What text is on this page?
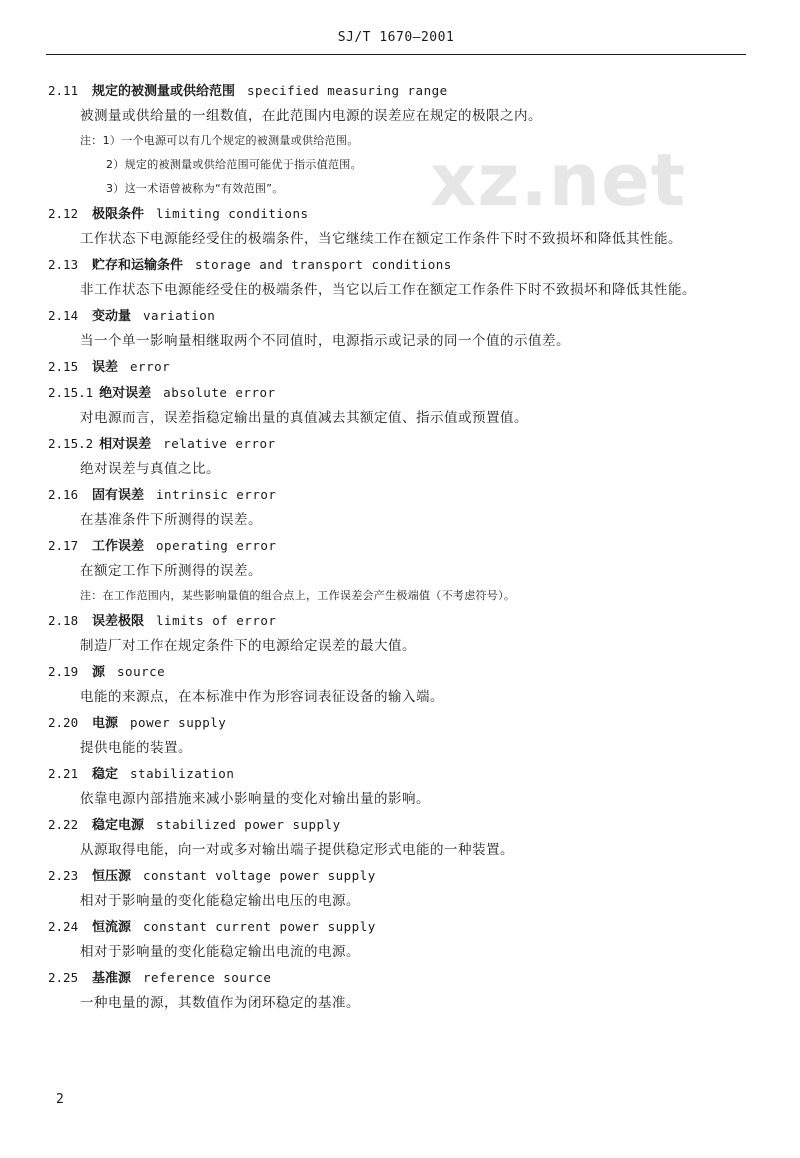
SJ/T 1670—2001
xz.net
2.11 规定的被测量或供给范围 specified measuring range
被测量或供给量的一组数值，在此范围内电源的误差应在规定的极限之内。
注：1）一个电源可以有几个规定的被测量或供给范围。
2）规定的被测量或供给范围可能优于指示值范围。
3）这一术语曾被称为“有效范围”。
2.12 极限条件 limiting conditions
工作状态下电源能经受住的极端条件，当它继续工作在额定工作条件下时不致损坏和降低其性能。
2.13 贮存和运输条件 storage and transport conditions
非工作状态下电源能经受住的极端条件，当它以后工作在额定工作条件下时不致损坏和降低其性能。
2.14 变动量 variation
当一个单一影响量相继取两个不同值时，电源指示或记录的同一个值的示值差。
2.15 误差 error
2.15.1 绝对误差 absolute error
对电源而言，误差指稳定输出量的真值减去其额定值、指示值或预置值。
2.15.2 相对误差 relative error
绝对误差与真值之比。
2.16 固有误差 intrinsic error
在基准条件下所测得的误差。
2.17 工作误差 operating error
在额定工作下所测得的误差。
注：在工作范围内，某些影响量值的组合点上，工作误差会产生极端值（不考虑符号）。
2.18 误差极限 limits of error
制造厂对工作在规定条件下的电源给定误差的最大值。
2.19 源 source
电能的来源点，在本标准中作为形容词表征设备的输入端。
2.20 电源 power supply
提供电能的装置。
2.21 稳定 stabilization
依靠电源内部措施来减小影响量的变化对输出量的影响。
2.22 稳定电源 stabilized power supply
从源取得电能，向一对或多对输出端子提供稳定形式电能的一种装置。
2.23 恒压源 constant voltage power supply
相对于影响量的变化能稳定输出电压的电源。
2.24 恒流源 constant current power supply
相对于影响量的变化能稳定输出电流的电源。
2.25 基准源 reference source
一种电量的源，其数值作为闭环稳定的基准。
2
